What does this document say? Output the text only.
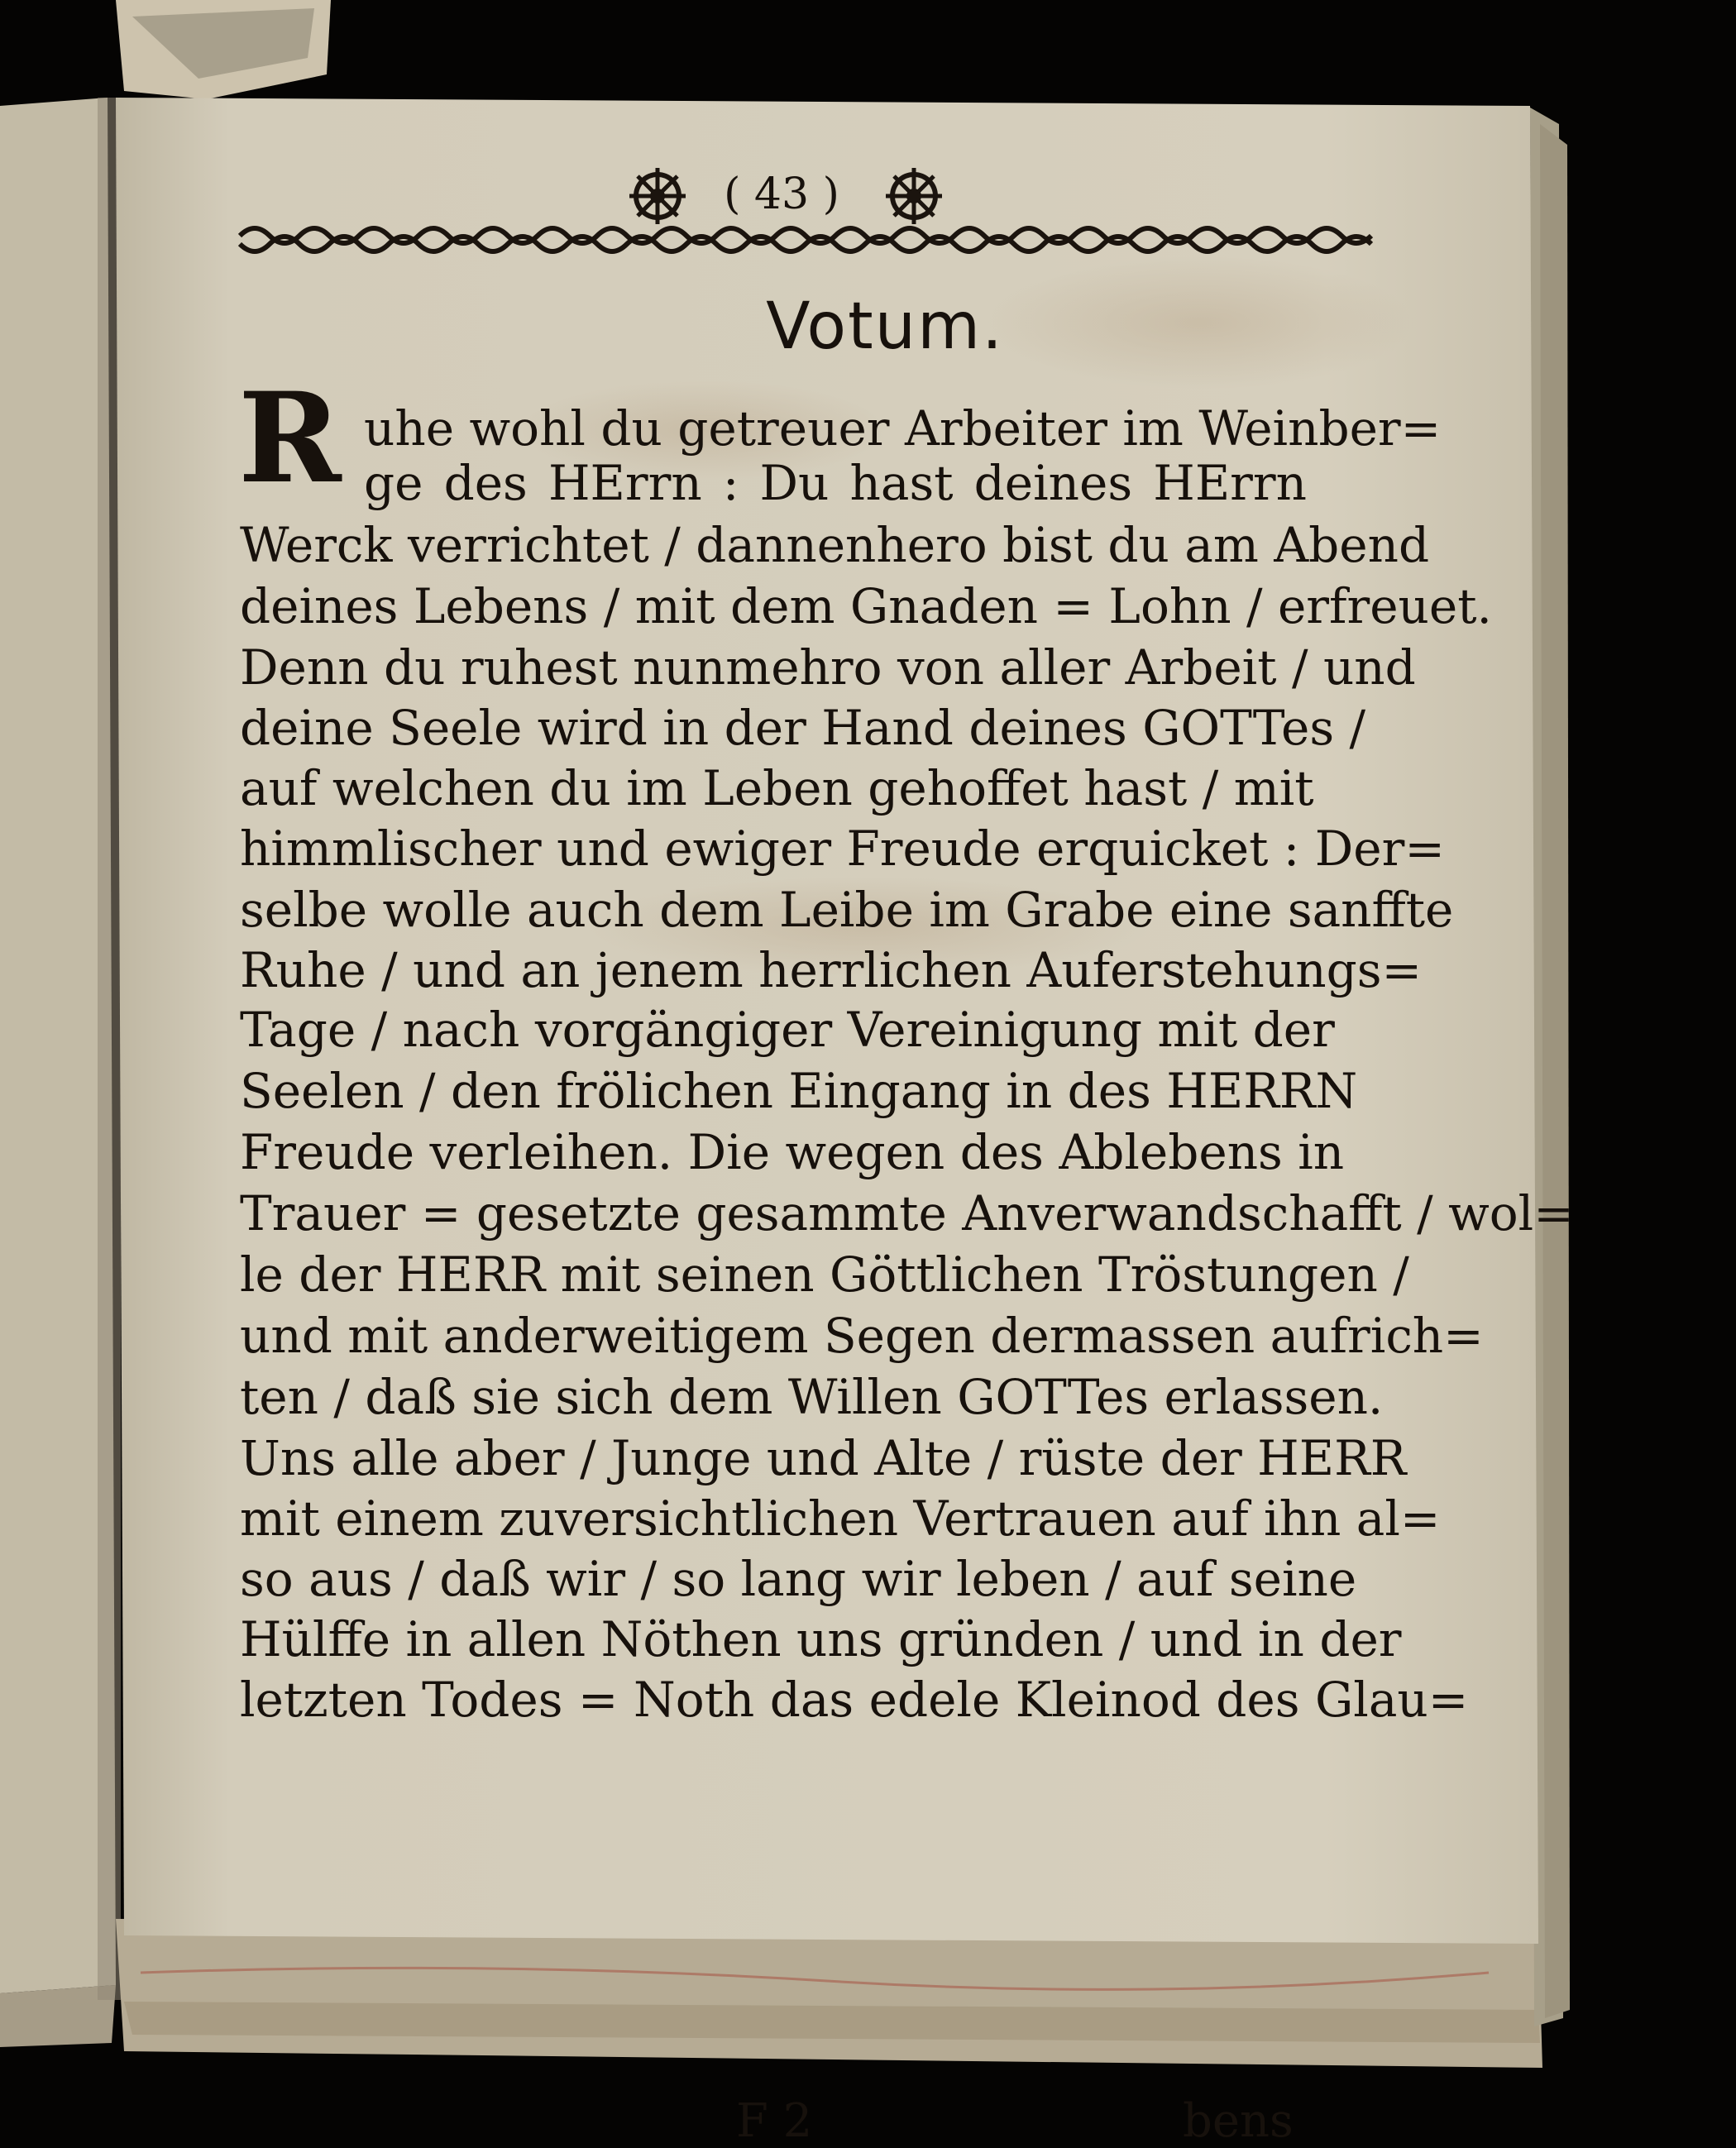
( 43 )
Votum.
R uhe wohl du getreuer Arbeiter im Weinber=
ge des HErrn : Du hast deines HErrn
Werck verrichtet / dannenhero bist du am Abend
deines Lebens / mit dem Gnaden = Lohn / erfreuet.
Denn du ruhest nunmehro von aller Arbeit / und
deine Seele wird in der Hand deines GOTTes /
auf welchen du im Leben gehoffet hast / mit
himmlischer und ewiger Freude erquicket : Der=
selbe wolle auch dem Leibe im Grabe eine sanffte
Ruhe / und an jenem herrlichen Auferstehungs=
Tage / nach vorgängiger Vereinigung mit der
Seelen / den frölichen Eingang in des HERRN
Freude verleihen. Die wegen des Ablebens in
Trauer = gesetzte gesammte Anverwandschafft / wol=
le der HERR mit seinen Göttlichen Tröstungen /
und mit anderweitigem Segen dermassen aufrich=
ten / daß sie sich dem Willen GOTTes erlassen.
Uns alle aber / Junge und Alte / rüste der HERR
mit einem zuversichtlichen Vertrauen auf ihn al=
so aus / daß wir / so lang wir leben / auf seine
Hülffe in allen Nöthen uns gründen / und in der
letzten Todes = Noth das edele Kleinod des Glau=
F 2	bens
